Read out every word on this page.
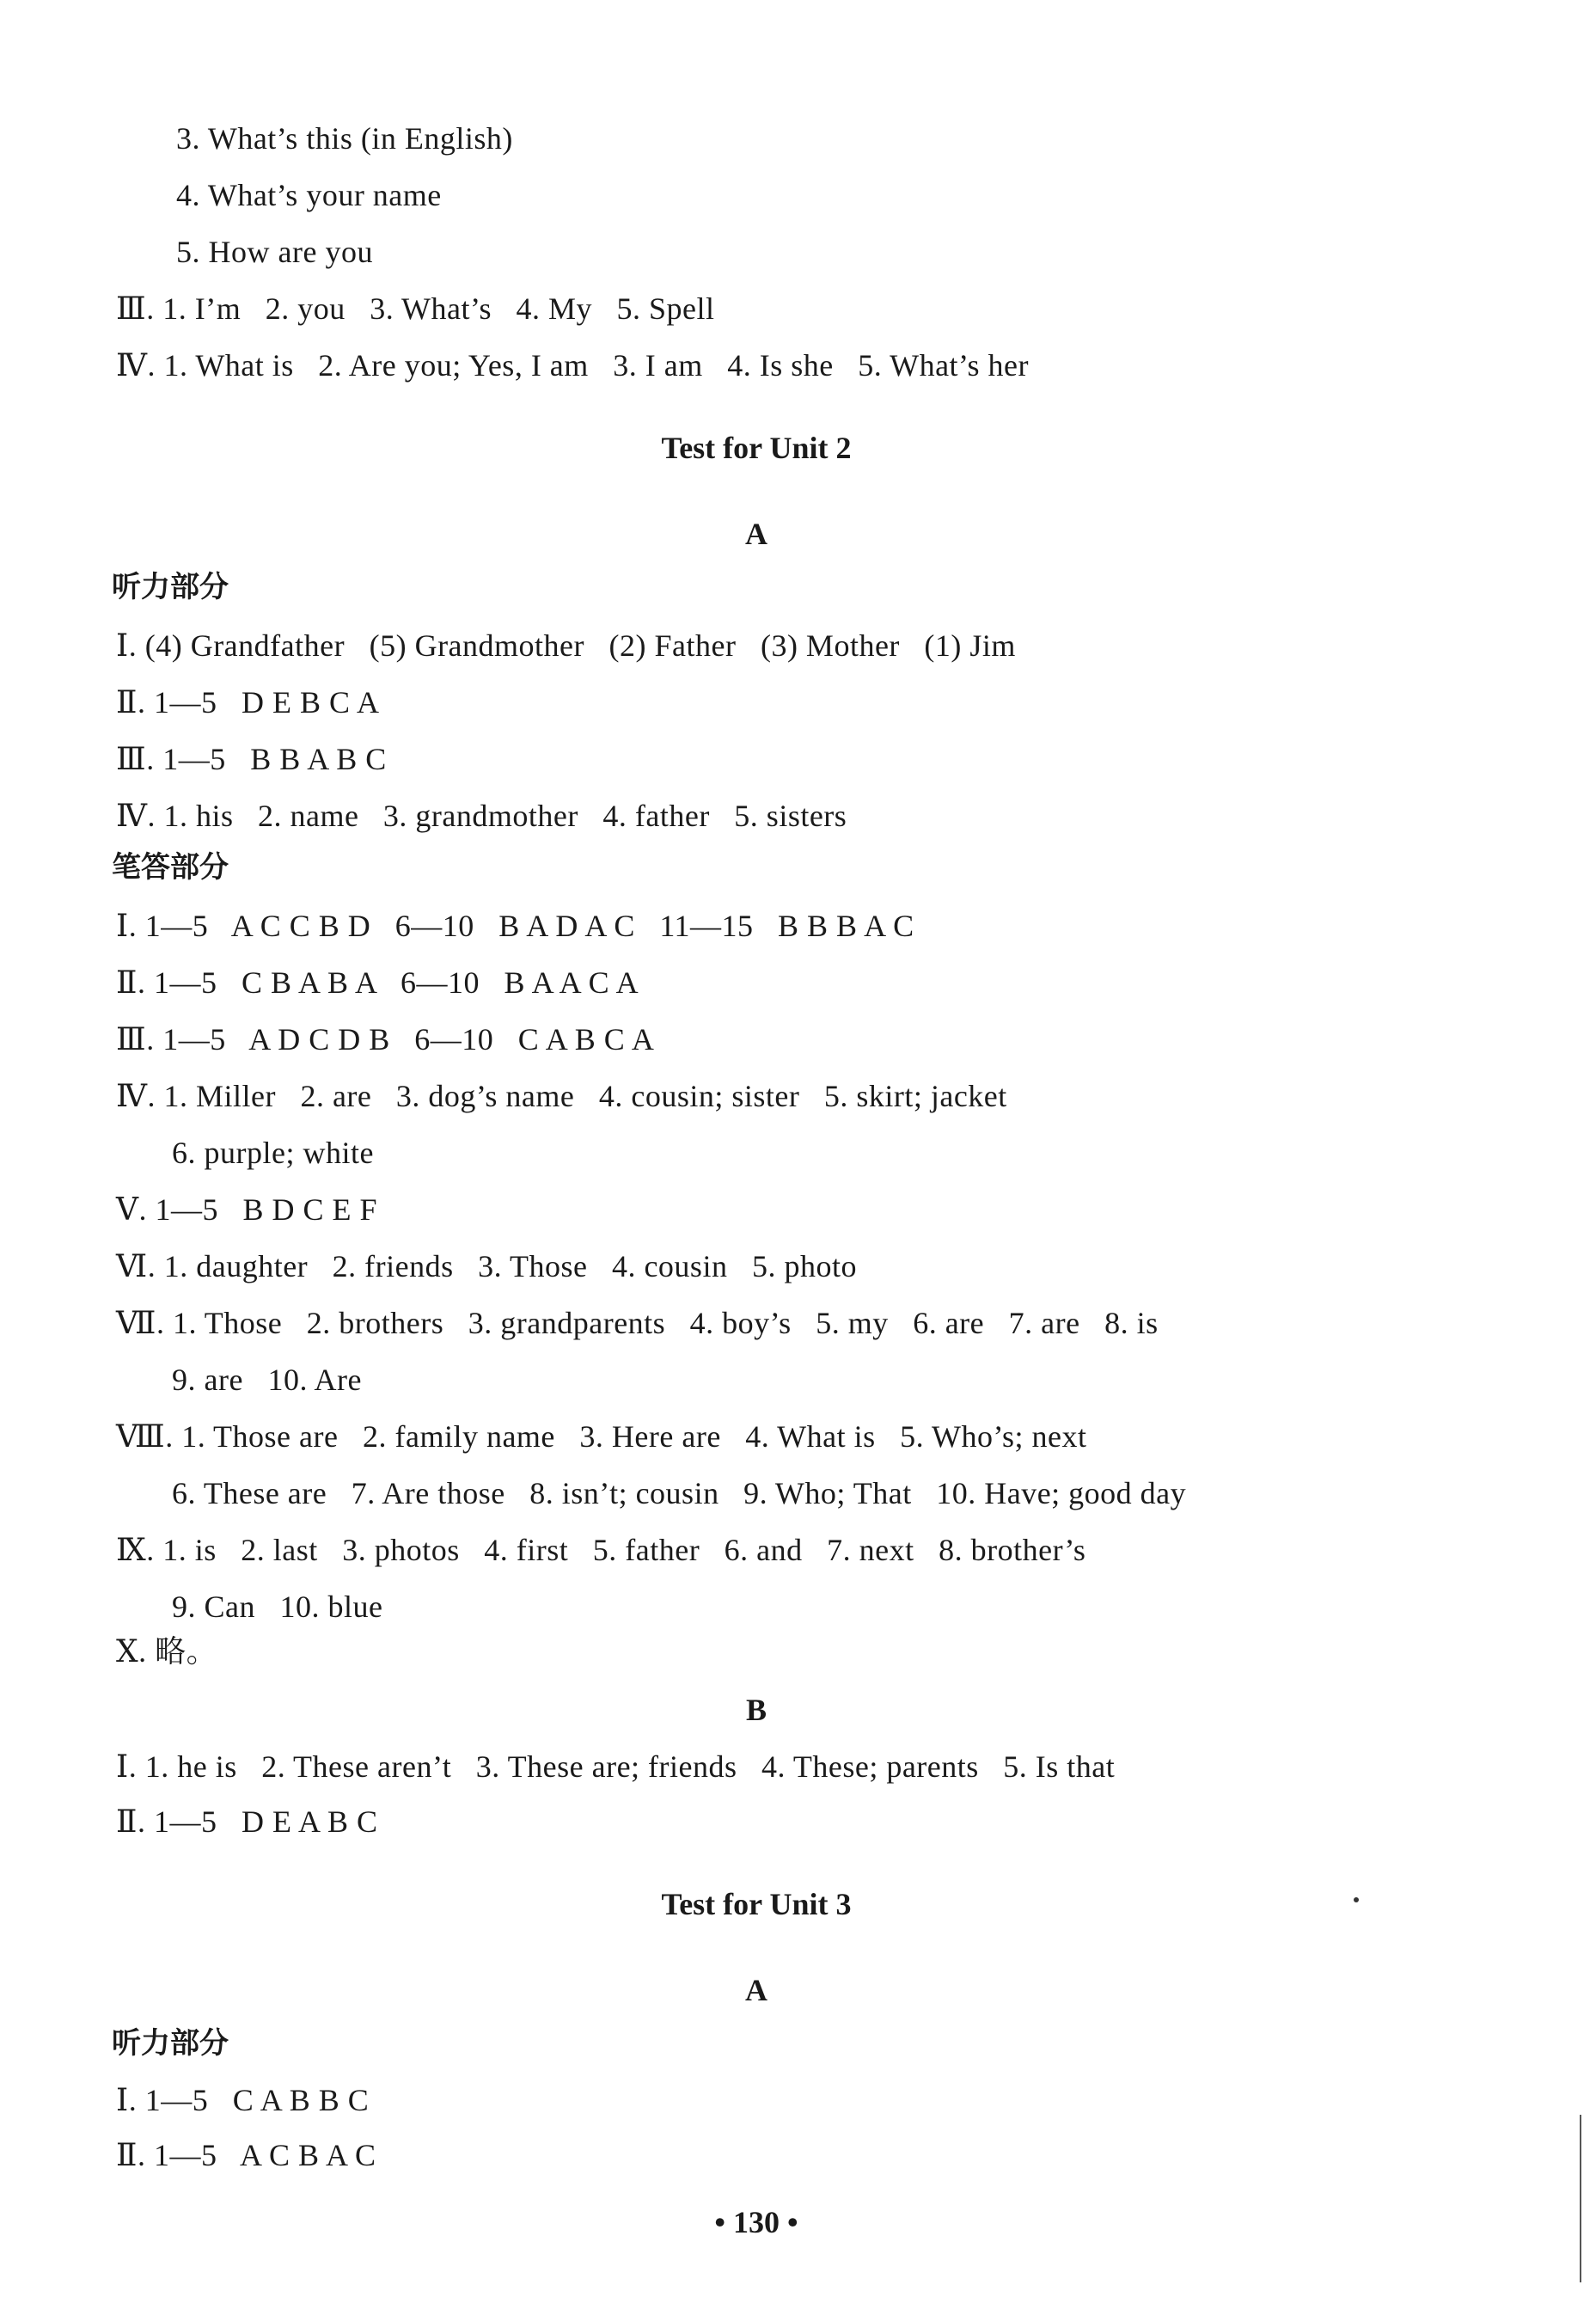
3. What’s this (in English)
4. What’s your name
5. How are you
Ⅲ. 1. I’m   2. you   3. What’s   4. My   5. Spell
Ⅳ. 1. What is   2. Are you; Yes, I am   3. I am   4. Is she   5. What’s her
Test for Unit 2
A
听力部分
Ⅰ. (4) Grandfather   (5) Grandmother   (2) Father   (3) Mother   (1) Jim
Ⅱ. 1—5   D E B C A
Ⅲ. 1—5   B B A B C
Ⅳ. 1. his   2. name   3. grandmother   4. father   5. sisters
笔答部分
Ⅰ. 1—5   A C C B D   6—10   B A D A C   11—15   B B B A C
Ⅱ. 1—5   C B A B A   6—10   B A A C A
Ⅲ. 1—5   A D C D B   6—10   C A B C A
Ⅳ. 1. Miller   2. are   3. dog’s name   4. cousin; sister   5. skirt; jacket
6. purple; white
Ⅴ. 1—5   B D C E F
Ⅵ. 1. daughter   2. friends   3. Those   4. cousin   5. photo
Ⅶ. 1. Those   2. brothers   3. grandparents   4. boy’s   5. my   6. are   7. are   8. is
9. are   10. Are
Ⅷ. 1. Those are   2. family name   3. Here are   4. What is   5. Who’s; next
6. These are   7. Are those   8. isn’t; cousin   9. Who; That   10. Have; good day
Ⅸ. 1. is   2. last   3. photos   4. first   5. father   6. and   7. next   8. brother’s
9. Can   10. blue
Ⅹ. 略。
B
Ⅰ. 1. he is   2. These aren’t   3. These are; friends   4. These; parents   5. Is that
Ⅱ. 1—5   D E A B C
Test for Unit 3
A
听力部分
Ⅰ. 1—5   C A B B C
Ⅱ. 1—5   A C B A C
• 130 •
